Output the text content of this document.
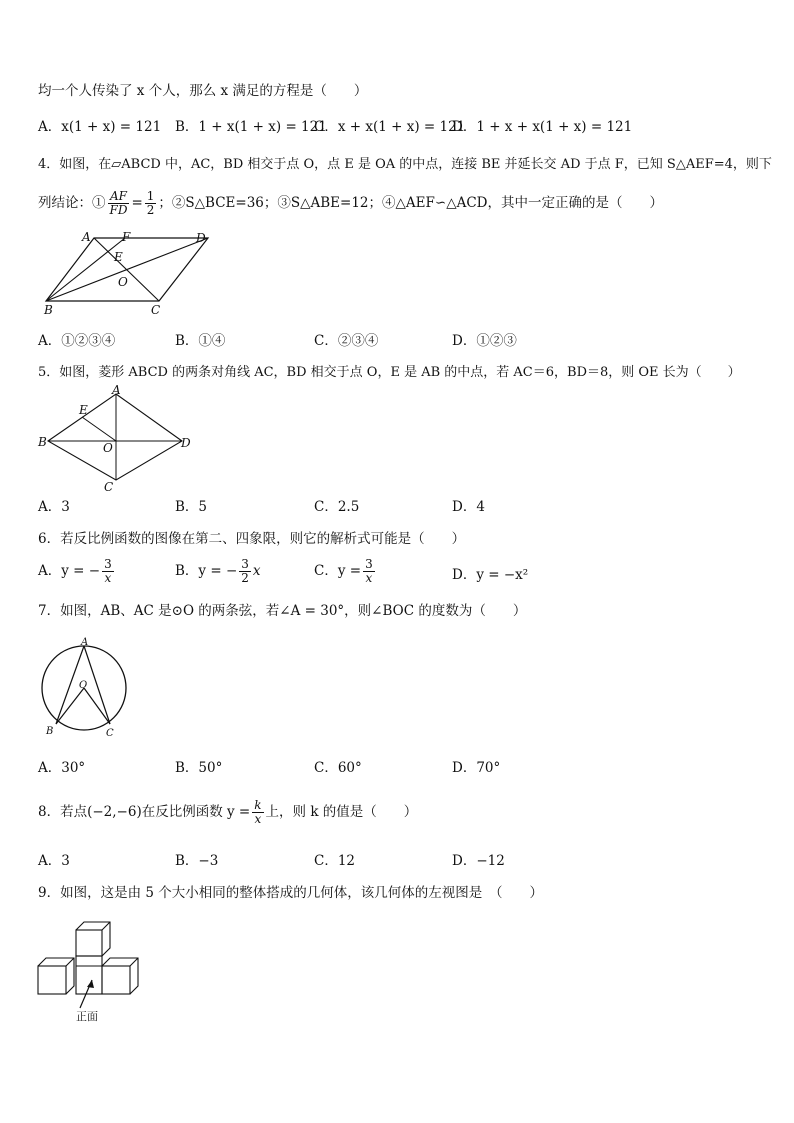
均一个人传染了 x 个人，那么 x 满足的方程是（　　）
A．x(1 + x) = 121 B．1 + x(1 + x) = 121
C．x + x(1 + x) = 121
D．1 + x + x(1 + x) = 121
4．如图，在▱ABCD 中，AC，BD 相交于点 O，点 E 是 OA 的中点，连接 BE 并延长交 AD 于点 F，已知 S△AEF=4，则下
列结论：① $\frac{AF}{FD} = \frac{1}{2}$ ；②S△BCE=36；③S△ABE=12；④△AEF∽△ACD，其中一定正确的是（　　）
A	F	D
E
O
B	C
A．①②③④	B．①④	C．②③④	D．①②③
5．如图，菱形 ABCD 的两条对角线 AC，BD 相交于点 O，E 是 AB 的中点，若 AC＝6，BD＝8，则 OE 长为（　　）
A
E
B	O	D
C
A．3	B．5	C．2.5	D．4
6．若反比例函数的图像在第二、四象限，则它的解析式可能是（　　）
A．y = − $\frac{3}{x}$	B．y = − $\frac{3}{2}$ x	C．$y = \frac{3}{x}$	D．y = −x²
7．如图，AB、AC 是⊙O 的两条弦，若∠A = 30°，则∠BOC 的度数为（　　）
A
O
B	C
A．30°	B．50°	C．60°	D．70°
8．若点(−2,−6)在反比例函数 $y = \frac{k}{x}$ 上，则 k 的值是（　　）
A．3	B．−3	C．12	D．−12
9．如图，这是由 5 个大小相同的整体搭成的几何体，该几何体的左视图是　（　　）
正面
